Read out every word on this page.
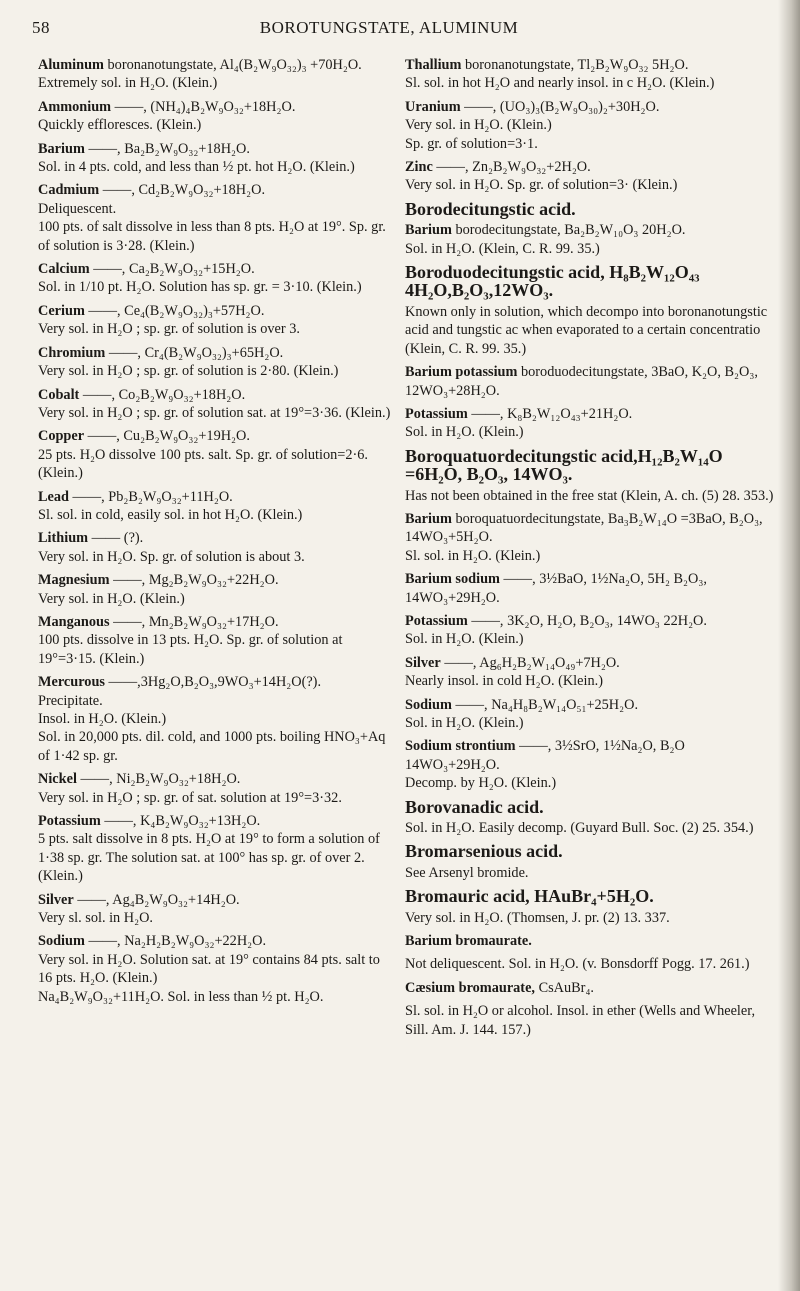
58	BOROTUNGSTATE, ALUMINUM

Aluminum boronanotungstate, Al₄(B₂W₉O₃₂)₃ +70H₂O.

Extremely sol. in H₂O. (Klein.)

Ammonium ——, (NH₄)₄B₂W₉O₃₂+18H₂O.

Quickly effloresces. (Klein.)

Barium ——, Ba₂B₂W₉O₃₂+18H₂O.

Sol. in 4 pts. cold, and less than ½ pt. hot H₂O. (Klein.)

Cadmium ——, Cd₂B₂W₉O₃₂+18H₂O.

Deliquescent.

100 pts. of salt dissolve in less than 8 pts. H₂O at 19°. Sp. gr. of solution is 3·28. (Klein.)

Calcium ——, Ca₂B₂W₉O₃₂+15H₂O.

Sol. in 1/10 pt. H₂O. Solution has sp. gr. = 3·10. (Klein.)

Cerium ——, Ce₄(B₂W₉O₃₂)₃+57H₂O.

Very sol. in H₂O ; sp. gr. of solution is over 3.

Chromium ——, Cr₄(B₂W₉O₃₂)₃+65H₂O.

Very sol. in H₂O ; sp. gr. of solution is 2·80. (Klein.)

Cobalt ——, Co₂B₂W₉O₃₂+18H₂O.

Very sol. in H₂O ; sp. gr. of solution sat. at 19°=3·36. (Klein.)

Copper ——, Cu₂B₂W₉O₃₂+19H₂O.

25 pts. H₂O dissolve 100 pts. salt. Sp. gr. of solution=2·6. (Klein.)

Lead ——, Pb₂B₂W₉O₃₂+11H₂O.

Sl. sol. in cold, easily sol. in hot H₂O. (Klein.)

Lithium —— (?).

Very sol. in H₂O. Sp. gr. of solution is about 3.

Magnesium ——, Mg₂B₂W₉O₃₂+22H₂O.

Very sol. in H₂O. (Klein.)

Manganous ——, Mn₂B₂W₉O₃₂+17H₂O.

100 pts. dissolve in 13 pts. H₂O. Sp. gr. of solution at 19°=3·15. (Klein.)

Mercurous ——,3Hg₂O,B₂O₃,9WO₃+14H₂O(?).

Precipitate.

Insol. in H₂O. (Klein.)

Sol. in 20,000 pts. dil. cold, and 1000 pts. boiling HNO₃+Aq of 1·42 sp. gr.

Nickel ——, Ni₂B₂W₉O₃₂+18H₂O.

Very sol. in H₂O ; sp. gr. of sat. solution at 19°=3·32.

Potassium ——, K₄B₂W₉O₃₂+13H₂O.

5 pts. salt dissolve in 8 pts. H₂O at 19° to form a solution of 1·38 sp. gr. The solution sat. at 100° has sp. gr. of over 2. (Klein.)

Silver ——, Ag₄B₂W₉O₃₂+14H₂O.

Very sl. sol. in H₂O.

Sodium ——, Na₂H₂B₂W₉O₃₂+22H₂O.

Very sol. in H₂O. Solution sat. at 19° contains 84 pts. salt to 16 pts. H₂O. (Klein.)

Na₄B₂W₉O₃₂+11H₂O. Sol. in less than ½ pt. H₂O.

Thallium boronanotungstate, Tl₂B₂W₉O₃₂ 5H₂O.

Sl. sol. in hot H₂O and nearly insol. in c H₂O. (Klein.)

Uranium ——, (UO₃)₃(B₂W₉O₃₀)₂+30H₂O.

Very sol. in H₂O. (Klein.)

Sp. gr. of solution=3·1.

Zinc ——, Zn₂B₂W₉O₃₂+2H₂O.

Very sol. in H₂O. Sp. gr. of solution=3· (Klein.)

Borodecitungstic acid.

Barium borodecitungstate, Ba₂B₂W₁₀O₃ 20H₂O.

Sol. in H₂O. (Klein, C. R. 99. 35.)

Boroduodecitungstic acid, H₈B₂W₁₂O₄₃ 4H₂O,B₂O₃,12WO₃.

Known only in solution, which decompo into boronanotungstic acid and tungstic ac when evaporated to a certain concentratio (Klein, C. R. 99. 35.)

Barium potassium boroduodecitungstate, 3BaO, K₂O, B₂O₃, 12WO₃+28H₂O.

Potassium ——, K₈B₂W₁₂O₄₃+21H₂O.

Sol. in H₂O. (Klein.)

Boroquatuordecitungstic acid,H₁₂B₂W₁₄O =6H₂O, B₂O₃, 14WO₃.

Has not been obtained in the free stat (Klein, A. ch. (5) 28. 353.)

Barium boroquatuordecitungstate, Ba₃B₂W₁₄O =3BaO, B₂O₃, 14WO₃+5H₂O.

Sl. sol. in H₂O. (Klein.)

Barium sodium ——, 3½BaO, 1½Na₂O, 5H₂ B₂O₃, 14WO₃+29H₂O.

Potassium ——, 3K₂O, H₂O, B₂O₃, 14WO₃ 22H₂O.

Sol. in H₂O. (Klein.)

Silver ——, Ag₆H₂B₂W₁₄O₄₉+7H₂O.

Nearly insol. in cold H₂O. (Klein.)

Sodium ——, Na₄H₈B₂W₁₄O₅₁+25H₂O.

Sol. in H₂O. (Klein.)

Sodium strontium ——, 3½SrO, 1½Na₂O, B₂O 14WO₃+29H₂O.

Decomp. by H₂O. (Klein.)

Borovanadic acid.

Sol. in H₂O. Easily decomp. (Guyard Bull. Soc. (2) 25. 354.)

Bromarsenious acid.

See Arsenyl bromide.

Bromauric acid, HAuBr₄+5H₂O.

Very sol. in H₂O. (Thomsen, J. pr. (2) 13. 337.

Barium bromaurate.

Not deliquescent. Sol. in H₂O. (v. Bonsdorff Pogg. 17. 261.)

Cæsium bromaurate, CsAuBr₄.

Sl. sol. in H₂O or alcohol. Insol. in ether (Wells and Wheeler, Sill. Am. J. 144. 157.)
